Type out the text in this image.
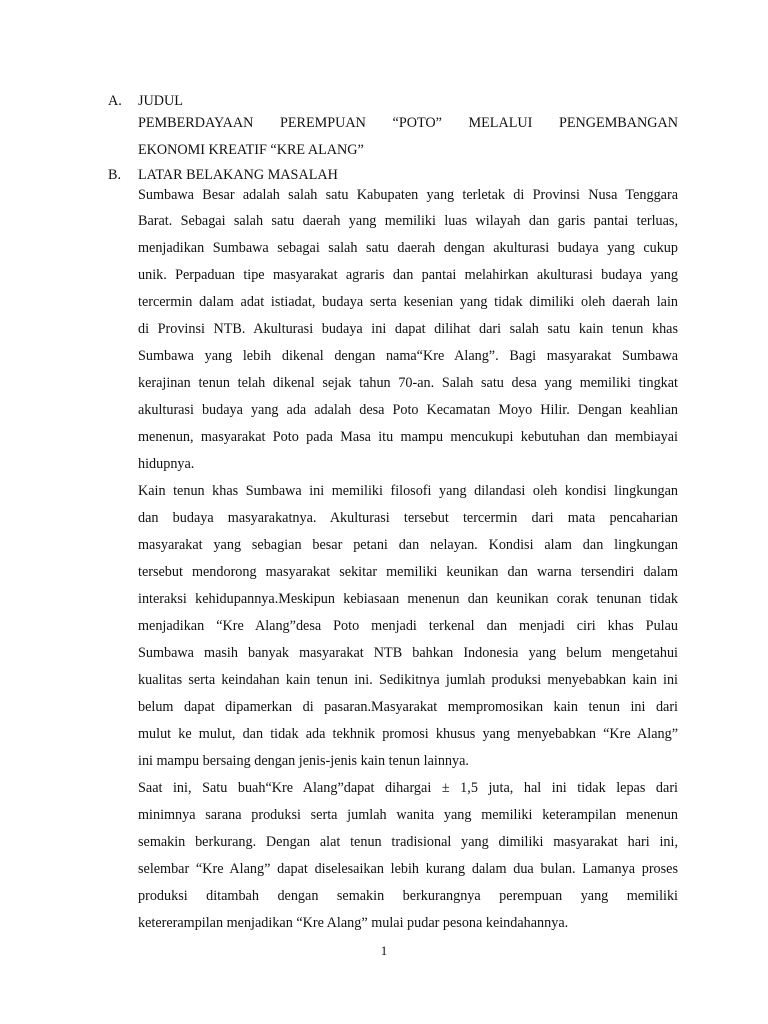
A. JUDUL
PEMBERDAYAAN PEREMPUAN “POTO” MELALUI PENGEMBANGAN
EKONOMI KREATIF “KRE ALANG”
B. LATAR BELAKANG MASALAH
Sumbawa Besar adalah salah satu Kabupaten yang terletak di Provinsi Nusa Tenggara
Barat. Sebagai salah satu daerah yang memiliki luas wilayah dan garis pantai terluas,
menjadikan Sumbawa sebagai salah satu daerah dengan akulturasi budaya yang cukup
unik. Perpaduan tipe masyarakat agraris dan pantai melahirkan akulturasi budaya yang
tercermin dalam adat istiadat, budaya serta kesenian yang tidak dimiliki oleh daerah lain
di Provinsi NTB. Akulturasi budaya ini dapat dilihat dari salah satu kain tenun khas
Sumbawa yang lebih dikenal dengan nama“Kre Alang”. Bagi masyarakat Sumbawa
kerajinan tenun telah dikenal sejak tahun 70-an. Salah satu desa yang memiliki tingkat
akulturasi budaya yang ada adalah desa Poto Kecamatan Moyo Hilir. Dengan keahlian
menenun, masyarakat Poto pada Masa itu mampu mencukupi kebutuhan dan membiayai
hidupnya.
Kain tenun khas Sumbawa ini memiliki filosofi yang dilandasi oleh kondisi lingkungan
dan budaya masyarakatnya. Akulturasi tersebut tercermin dari mata pencaharian
masyarakat yang sebagian besar petani dan nelayan. Kondisi alam dan lingkungan
tersebut mendorong masyarakat sekitar memiliki keunikan dan warna tersendiri dalam
interaksi kehidupannya.Meskipun kebiasaan menenun dan keunikan corak tenunan tidak
menjadikan “Kre Alang”desa Poto menjadi terkenal dan menjadi ciri khas Pulau
Sumbawa masih banyak masyarakat NTB bahkan Indonesia yang belum mengetahui
kualitas serta keindahan kain tenun ini. Sedikitnya jumlah produksi menyebabkan kain ini
belum dapat dipamerkan di pasaran.Masyarakat mempromosikan kain tenun ini dari
mulut ke mulut, dan tidak ada tekhnik promosi khusus yang menyebabkan “Kre Alang”
ini mampu bersaing dengan jenis-jenis kain tenun lainnya.
Saat ini, Satu buah“Kre Alang”dapat dihargai ± 1,5 juta, hal ini tidak lepas dari
minimnya sarana produksi serta jumlah wanita yang memiliki keterampilan menenun
semakin berkurang. Dengan alat tenun tradisional yang dimiliki masyarakat hari ini,
selembar “Kre Alang” dapat diselesaikan lebih kurang dalam dua bulan. Lamanya proses
produksi ditambah dengan semakin berkurangnya perempuan yang memiliki
ketererampilan menjadikan “Kre Alang” mulai pudar pesona keindahannya.
1
